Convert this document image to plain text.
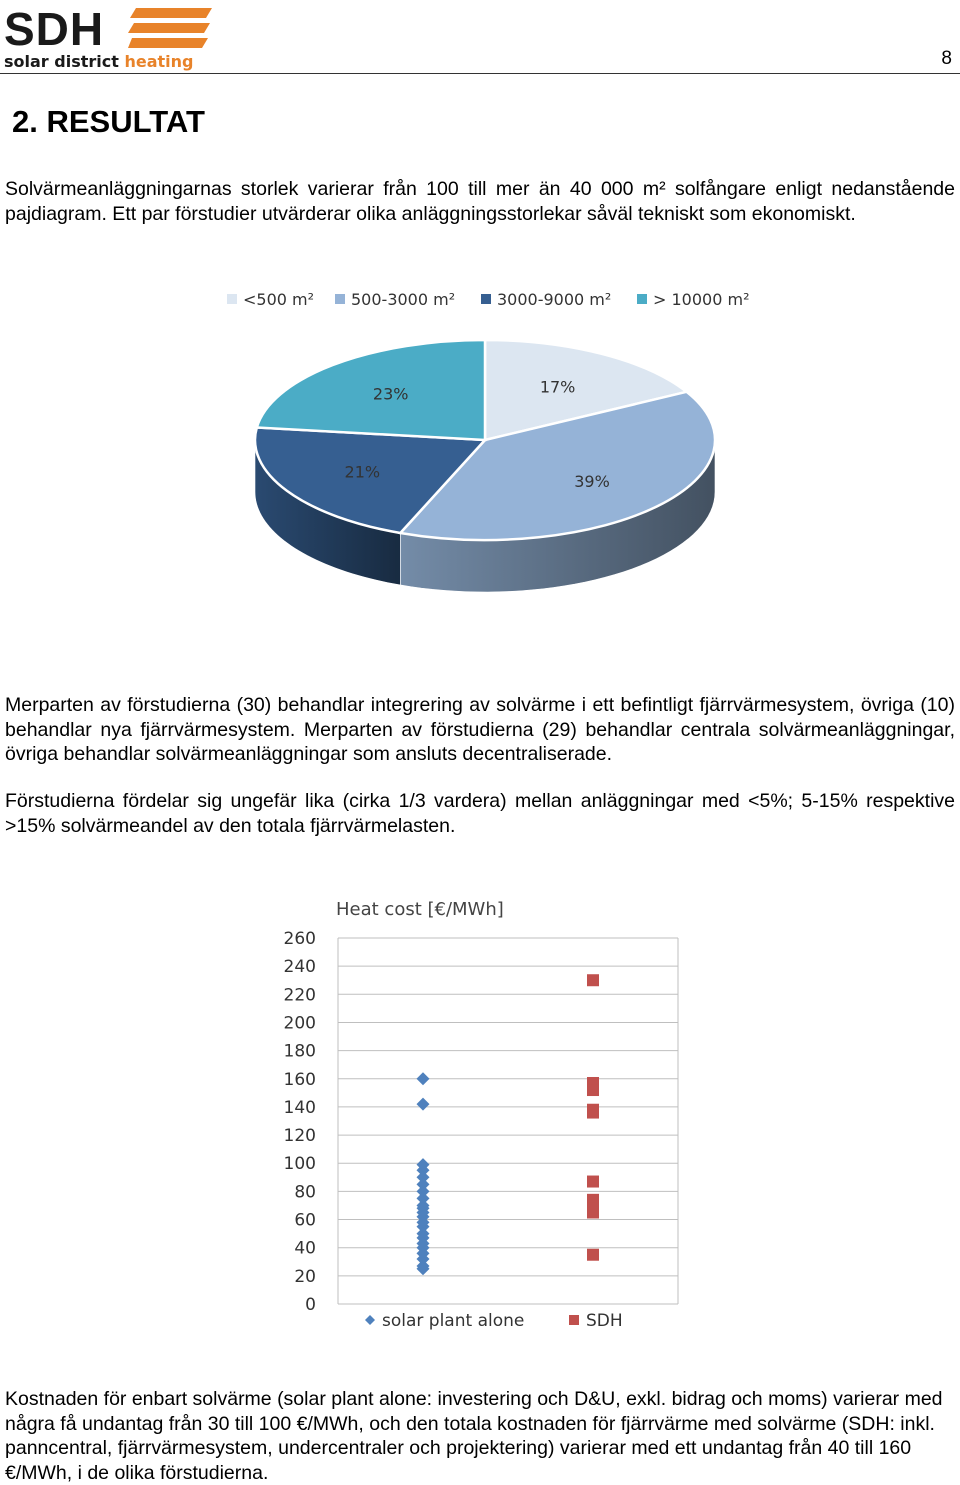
SDH
solar district heating	8
2. RESULTAT
Solvärmeanläggningarnas storlek varierar från 100 till mer än 40 000 m² solfångare enligt nedanstående pajdiagram. Ett par förstudier utvärderar olika anläggningsstorlekar såväl tekniskt som ekonomiskt.
<500 m² 500-3000 m²	3000-9000 m²	> 10000 m²
17%
39%
21%
23%
Merparten av förstudierna (30) behandlar integrering av solvärme i ett befintligt fjärrvärmesystem, övriga (10) behandlar nya fjärrvärmesystem. Merparten av förstudierna (29) behandlar centrala solvärmeanläggningar, övriga behandlar solvärmeanläggningar som ansluts decentraliserade.
Förstudierna fördelar sig ungefär lika (cirka 1/3 vardera) mellan anläggningar med <5%; 5-15% respektive >15% solvärmeandel av den totala fjärrvärmelasten.
Heat cost [€/MWh]
0
20
40
60
80
100
120
140
160
180
200
220
240
260
solar plant alone	SDH
Kostnaden för enbart solvärme (solar plant alone: investering och D&U, exkl. bidrag och moms) varierar med några få undantag från 30 till 100 €/MWh, och den totala kostnaden för fjärrvärme med solvärme (SDH: inkl. panncentral, fjärrvärmesystem, undercentraler och projektering) varierar med ett undantag från 40 till 160 €/MWh, i de olika förstudierna.
